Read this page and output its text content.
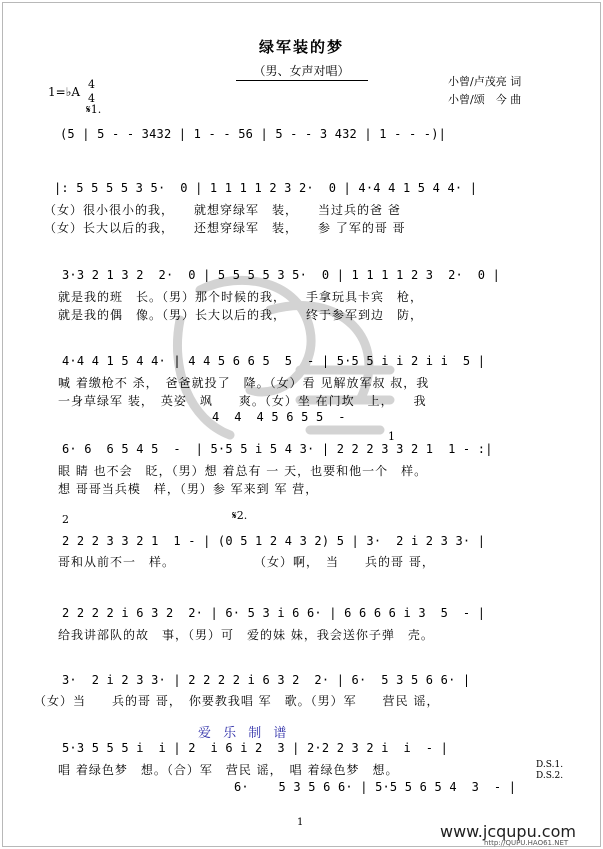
绿军装的梦
（男、女声对唱）
小曾/卢茂亮 词
小曾/颂　今 曲
1=♭A
4
4
𝄋1.
(5 | 5 - - 3432 | 1 - - 56 | 5 - - 3 432 | 1 - - -)|
|: 5 5 5 5 3 5·  0 | 1 1 1 1 2 3 2·  0 | 4·4 4 1 5 4 4· |
（女）很小很小的我，　　就想穿绿军　装，　　当过兵的爸 爸
（女）长大以后的我，　　还想穿绿军　装，　　参 了军的哥 哥
3·3 2 1 3 2  2·  0 | 5 5 5 5 3 5·  0 | 1 1 1 1 2 3  2·  0 |
就是我的班　长。（男）那个时候的我，　　手拿玩具卡宾　枪，
就是我的偶　像。（男）长大以后的我，　　终于参军到边　防，
4·4 4 1 5 4 4· | 4 4 5 6 6 5  5  - | 5·5 5 i i 2 i i  5 |
喊 着缴枪不 杀，　爸爸就投了　降。（女）看 见解放军叔 叔，我
一身草绿军 装，　英姿　飒　　爽。（女）坐 在门坎　上，　　我
4  4  4 5 6 5 5  -
6· 6  6 5 4 5  -  | 5·5 5 i 5 4 3· | 2 2 2 3 3 2 1  1 - :|
眼 睛 也不会　眨，（男）想 着总有 一 天，也要和他一个　样。
想 哥哥当兵模　样，（男）参 军来到 军 营，
1
2	𝄋2.
2 2 2 3 3 2 1  1 - | (0 5 1 2 4 3 2) 5 | 3·  2 i 2 3 3· |
哥和从前不一　样。　　　　　　　（女）啊，　当　　兵的哥 哥，
2 2 2 2 i 6 3 2  2· | 6· 5 3 i 6 6· | 6 6 6 6 i 3  5  - |
给我讲部队的故　事，（男）可　爱的妹 妹，我会送你子弹　壳。
3·  2 i 2 3 3· | 2 2 2 2 i 6 3 2  2· | 6·  5 3 5 6 6· |
（女）当　　兵的哥 哥，　你要教我唱 军　歌。（男）军　　营民 谣，
爱 乐 制 谱
5·3 5 5 5 i  i | 2  i 6 i 2  3 | 2·2 2 3 2 i  i  - |
唱 着绿色梦　想。（合）军　营民 谣，　唱 着绿色梦　想。
6·    5 3 5 6 6· | 5·5 5 6 5 4  3  - |
D.S.1.
D.S.2.
1	www.jcqupu.com
http://QUPU.HAO61.NET
